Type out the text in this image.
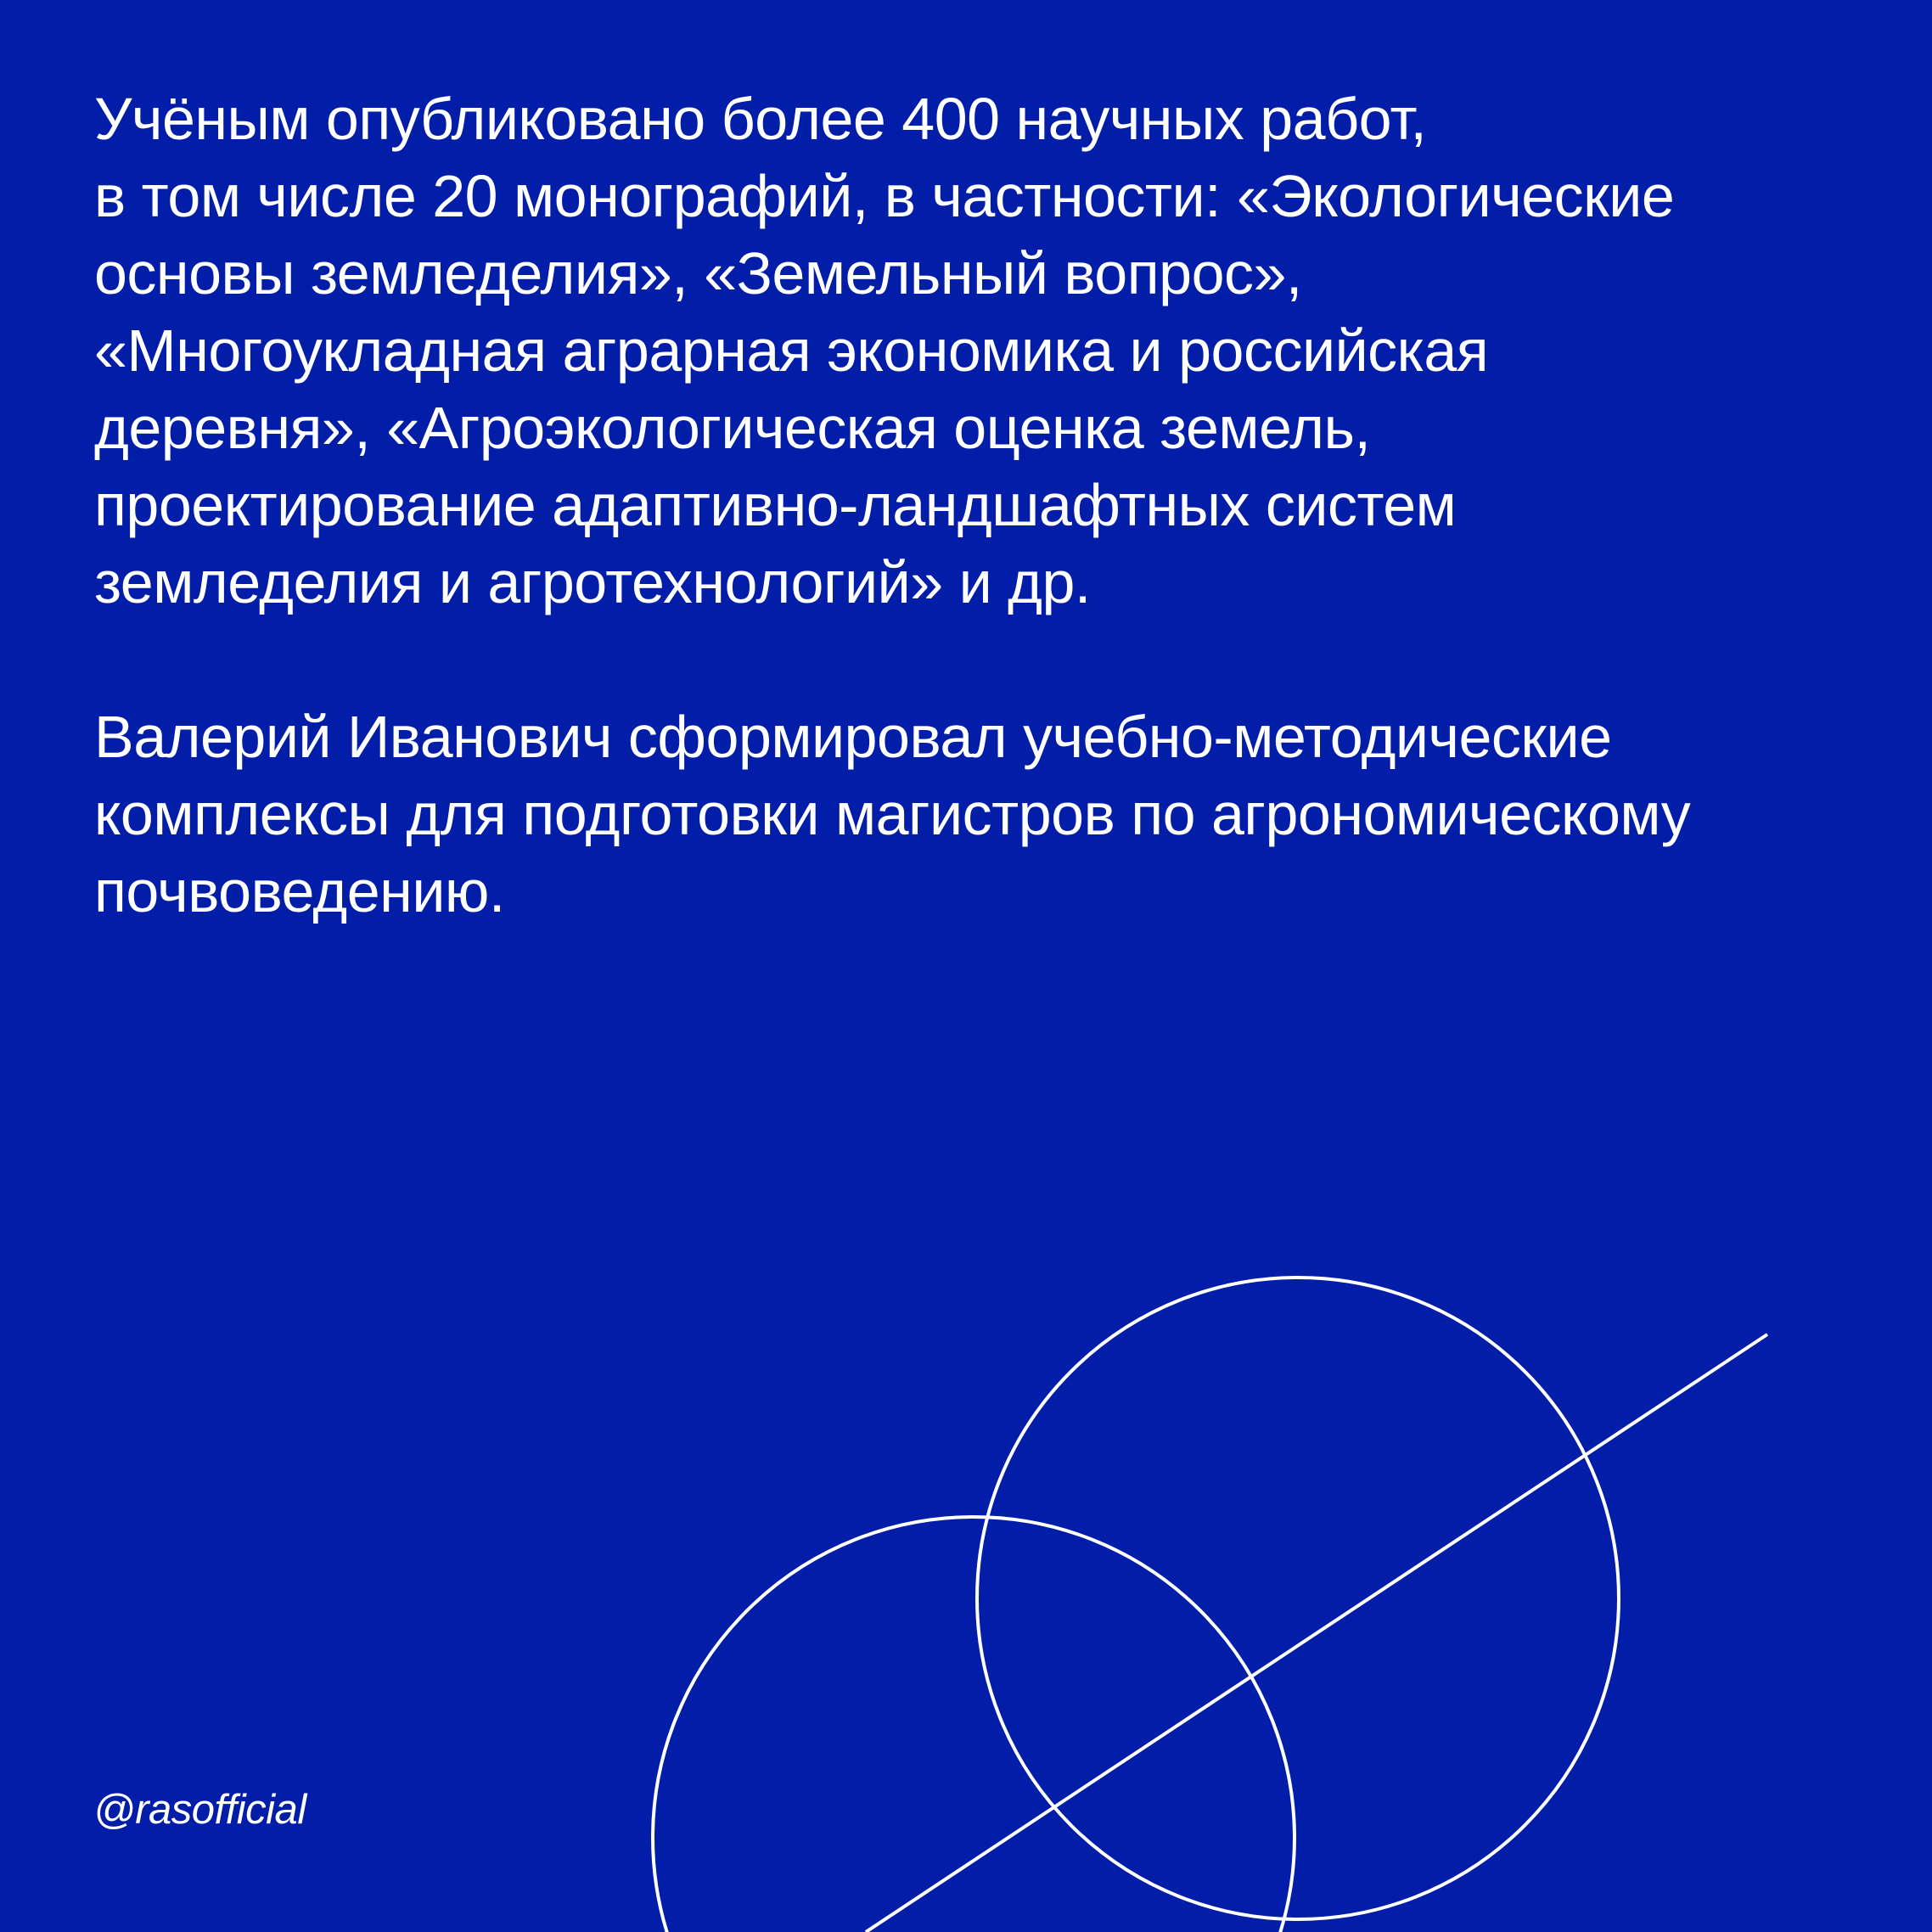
Учёным опубликовано более 400 научных работ,
в том числе 20 монографий, в частности: «Экологические
основы земледелия», «Земельный вопрос»,
«Многоукладная аграрная экономика и российская
деревня», «Агроэкологическая оценка земель,
проектирование адаптивно-ландшафтных систем
земледелия и агротехнологий» и др.

Валерий Иванович сформировал учебно-методические
комплексы для подготовки магистров по агрономическому
почвоведению.

@rasofficial
